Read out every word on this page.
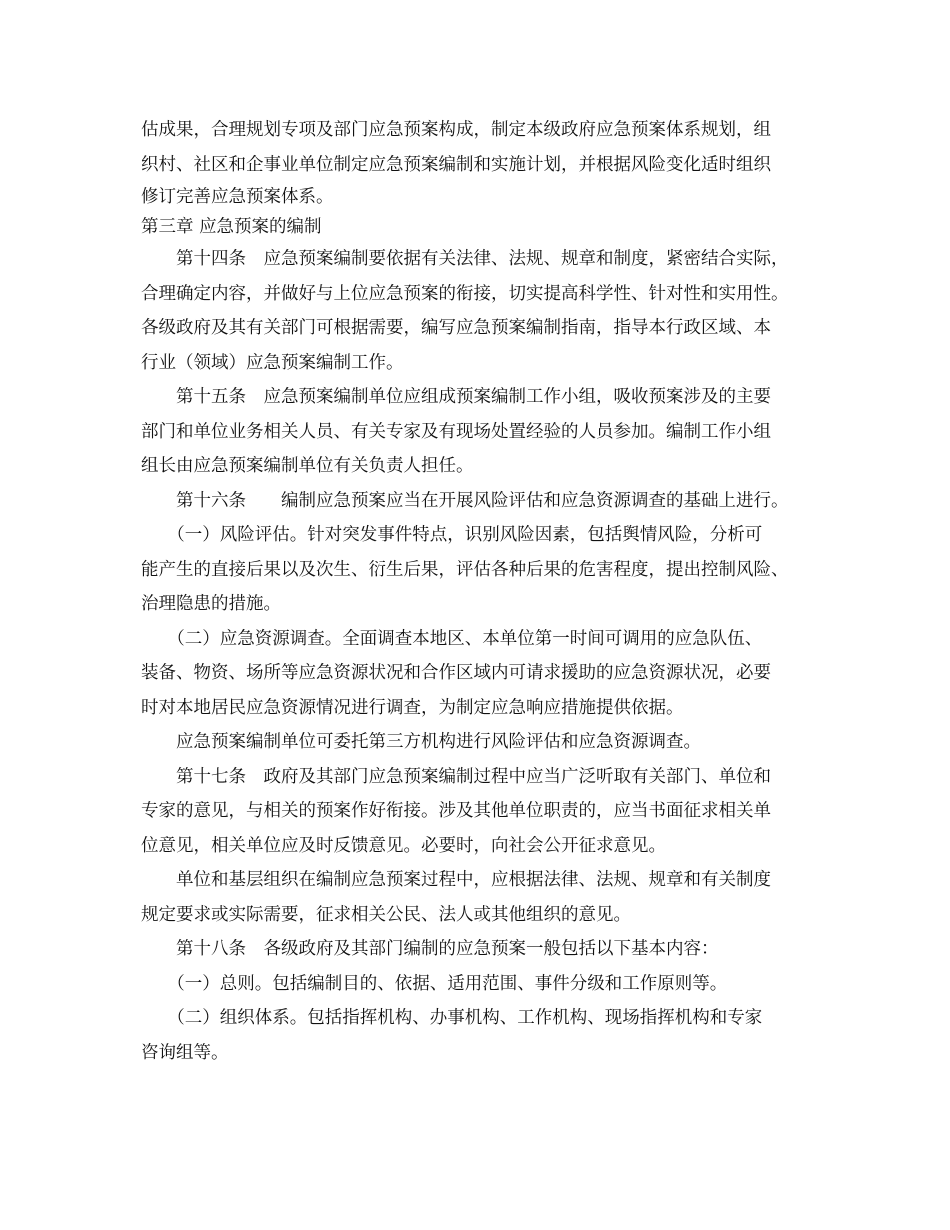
估成果，合理规划专项及部门应急预案构成，制定本级政府应急预案体系规划，组
织村、社区和企事业单位制定应急预案编制和实施计划，并根据风险变化适时组织
修订完善应急预案体系。
第三章 应急预案的编制
　　第十四条　应急预案编制要依据有关法律、法规、规章和制度，紧密结合实际，
合理确定内容，并做好与上位应急预案的衔接，切实提高科学性、针对性和实用性。
各级政府及其有关部门可根据需要，编写应急预案编制指南，指导本行政区域、本
行业（领域）应急预案编制工作。
　　第十五条　应急预案编制单位应组成预案编制工作小组，吸收预案涉及的主要
部门和单位业务相关人员、有关专家及有现场处置经验的人员参加。编制工作小组
组长由应急预案编制单位有关负责人担任。
　　第十六条　　编制应急预案应当在开展风险评估和应急资源调查的基础上进行。
　　（一）风险评估。针对突发事件特点，识别风险因素，包括舆情风险，分析可
能产生的直接后果以及次生、衍生后果，评估各种后果的危害程度，提出控制风险、
治理隐患的措施。
　　（二）应急资源调查。全面调查本地区、本单位第一时间可调用的应急队伍、
装备、物资、场所等应急资源状况和合作区域内可请求援助的应急资源状况，必要
时对本地居民应急资源情况进行调查，为制定应急响应措施提供依据。
　　应急预案编制单位可委托第三方机构进行风险评估和应急资源调查。
　　第十七条　政府及其部门应急预案编制过程中应当广泛听取有关部门、单位和
专家的意见，与相关的预案作好衔接。涉及其他单位职责的，应当书面征求相关单
位意见，相关单位应及时反馈意见。必要时，向社会公开征求意见。
　　单位和基层组织在编制应急预案过程中，应根据法律、法规、规章和有关制度
规定要求或实际需要，征求相关公民、法人或其他组织的意见。
　　第十八条　各级政府及其部门编制的应急预案一般包括以下基本内容：
　　（一）总则。包括编制目的、依据、适用范围、事件分级和工作原则等。
　　（二）组织体系。包括指挥机构、办事机构、工作机构、现场指挥机构和专家
咨询组等。
